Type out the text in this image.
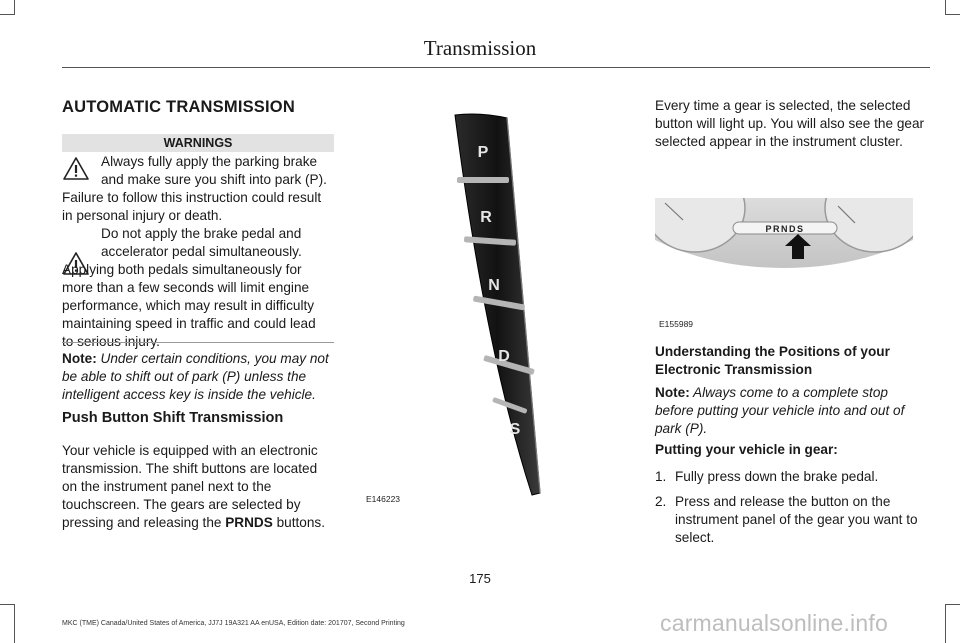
Transmission
AUTOMATIC TRANSMISSION
WARNINGS
Always fully apply the parking brake
and make sure you shift into park (P).
Failure to follow this instruction could result
in personal injury or death.
Do not apply the brake pedal and
accelerator pedal simultaneously.
Applying both pedals simultaneously for
more than a few seconds will limit engine
performance, which may result in difficulty
maintaining speed in traffic and could lead
to serious injury.
Note: Under certain conditions, you may not
be able to shift out of park (P) unless the
intelligent access key is inside the vehicle.
Push Button Shift Transmission
Your vehicle is equipped with an electronic
transmission. The shift buttons are located
on the instrument panel next to the
touchscreen. The gears are selected by
pressing and releasing the PRNDS buttons.
P
R
N
D
S
E146223
Every time a gear is selected, the selected
button will light up. You will also see the gear
selected appear in the instrument cluster.
PRNDS
E155989
Understanding the Positions of your
Electronic Transmission
Note: Always come to a complete stop
before putting your vehicle into and out of
park (P).
Putting your vehicle in gear:
1. Fully press down the brake pedal.
2. Press and release the button on the
instrument panel of the gear you want to
select.
175
MKC (TME) Canada/United States of America, JJ7J 19A321 AA enUSA, Edition date: 201707, Second Printing	carmanualsonline.info
